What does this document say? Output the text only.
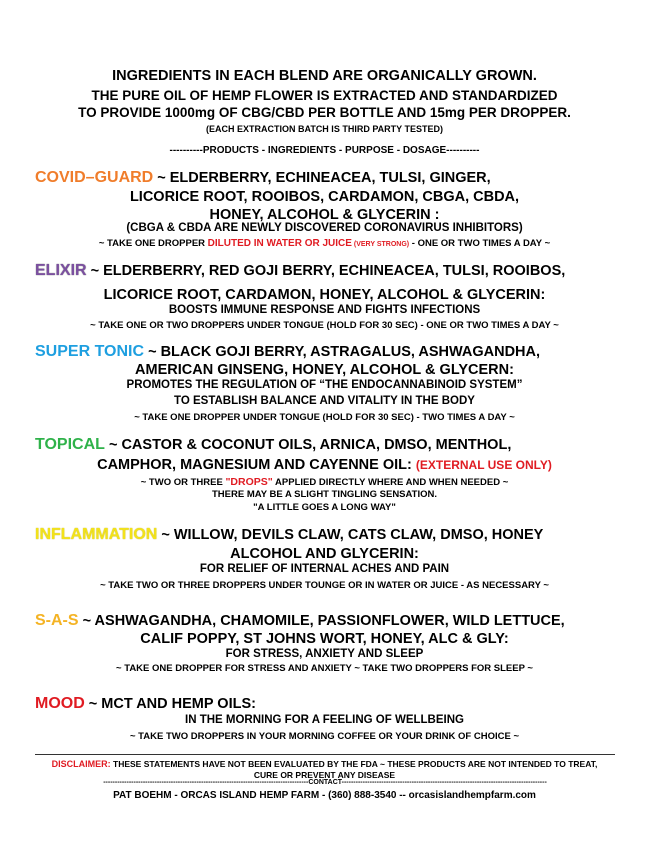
INGREDIENTS IN EACH BLEND ARE ORGANICALLY GROWN.
THE PURE OIL OF HEMP FLOWER IS EXTRACTED AND STANDARDIZED
TO PROVIDE 1000mg OF CBG/CBD PER BOTTLE AND 15mg PER DROPPER.
(EACH EXTRACTION BATCH IS THIRD PARTY TESTED)
----------PRODUCTS - INGREDIENTS - PURPOSE - DOSAGE----------
COVID–GUARD ~ ELDERBERRY, ECHINEACEA, TULSI, GINGER,
LICORICE ROOT, ROOIBOS, CARDAMON, CBGA, CBDA,
HONEY, ALCOHOL & GLYCERIN :
(CBGA & CBDA ARE NEWLY DISCOVERED CORONAVIRUS INHIBITORS)
~ TAKE ONE DROPPER DILUTED IN WATER OR JUICE (VERY STRONG) - ONE OR TWO TIMES A DAY ~
ELIXIR ~ ELDERBERRY, RED GOJI BERRY, ECHINEACEA, TULSI, ROOIBOS,
LICORICE ROOT, CARDAMON, HONEY, ALCOHOL & GLYCERIN:
BOOSTS IMMUNE RESPONSE AND FIGHTS INFECTIONS
~ TAKE ONE OR TWO DROPPERS UNDER TONGUE (HOLD FOR 30 SEC) - ONE OR TWO TIMES A DAY ~
SUPER TONIC ~ BLACK GOJI BERRY, ASTRAGALUS, ASHWAGANDHA,
AMERICAN GINSENG, HONEY, ALCOHOL & GLYCERN:
PROMOTES THE REGULATION OF “THE ENDOCANNABINOID SYSTEM”
TO ESTABLISH BALANCE AND VITALITY IN THE BODY
~ TAKE ONE DROPPER UNDER TONGUE (HOLD FOR 30 SEC) - TWO TIMES A DAY ~
TOPICAL ~ CASTOR & COCONUT OILS, ARNICA, DMSO, MENTHOL,
CAMPHOR, MAGNESIUM AND CAYENNE OIL: (EXTERNAL USE ONLY)
~ TWO OR THREE "DROPS" APPLIED DIRECTLY WHERE AND WHEN NEEDED ~
THERE MAY BE A SLIGHT TINGLING SENSATION.
"A LITTLE GOES A LONG WAY"
INFLAMMATION ~ WILLOW, DEVILS CLAW, CATS CLAW, DMSO, HONEY
ALCOHOL AND GLYCERIN:
FOR RELIEF OF INTERNAL ACHES AND PAIN
~ TAKE TWO OR THREE DROPPERS UNDER TOUNGE OR IN WATER OR JUICE - AS NECESSARY ~
S-A-S ~ ASHWAGANDHA, CHAMOMILE, PASSIONFLOWER, WILD LETTUCE,
CALIF POPPY, ST JOHNS WORT, HONEY, ALC & GLY:
FOR STRESS, ANXIETY AND SLEEP
~ TAKE ONE DROPPER FOR STRESS AND ANXIETY ~ TAKE TWO DROPPERS FOR SLEEP ~
MOOD ~ MCT AND HEMP OILS:
IN THE MORNING FOR A FEELING OF WELLBEING
~ TAKE TWO DROPPERS IN YOUR MORNING COFFEE OR YOUR DRINK OF CHOICE ~
DISCLAIMER: THESE STATEMENTS HAVE NOT BEEN EVALUATED BY THE FDA ~ THESE PRODUCTS ARE NOT INTENDED TO TREAT,
CURE OR PREVENT ANY DISEASE
----------------------------------------------------------------------------------------CONTACT----------------------------------------------------------------------------------------
PAT BOEHM - ORCAS ISLAND HEMP FARM - (360) 888-3540 -- orcasislandhempfarm.com
